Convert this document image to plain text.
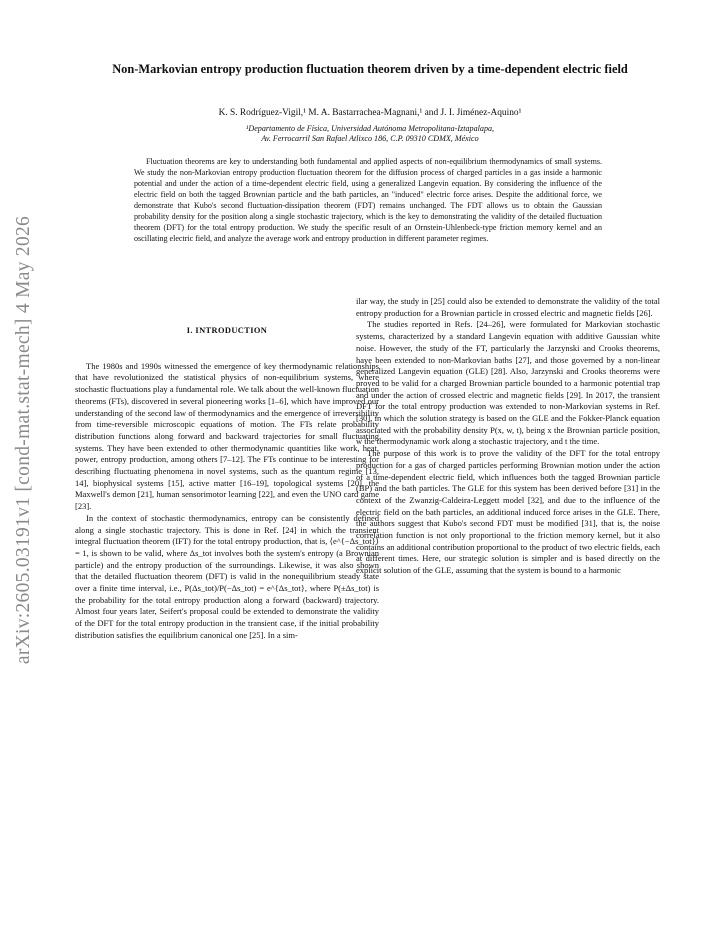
arXiv:2605.03191v1 [cond-mat.stat-mech] 4 May 2026
Non-Markovian entropy production fluctuation theorem driven by a time-dependent electric field
K. S. Rodríguez-Vigil,¹ M. A. Bastarrachea-Magnani,¹ and J. I. Jiménez-Aquino¹
¹Departamento de Física, Universidad Autónoma Metropolitana-Iztapalapa,
Av. Ferrocarril San Rafael Atlixco 186, C.P. 09310 CDMX, México

Fluctuation theorems are key to understanding both fundamental and applied aspects of non-equilibrium thermodynamics of small systems. We study the non-Markovian entropy production fluctuation theorem for the diffusion process of charged particles in a gas inside a harmonic potential and under the action of a time-dependent electric field, using a generalized Langevin equation. By considering the influence of the electric field on both the tagged Brownian particle and the bath particles, an "induced" electric force arises. Despite the additional force, we demonstrate that Kubo's second fluctuation-dissipation theorem (FDT) remains unchanged. The FDT allows us to obtain the Gaussian probability density for the position along a single stochastic trajectory, which is the key to demonstrating the validity of the detailed fluctuation theorem (DFT) for the total entropy production. We study the specific result of an Ornstein-Uhlenbeck-type friction memory kernel and an oscillating electric field, and analyze the average work and entropy production in different parameter regimes.

I. INTRODUCTION

The 1980s and 1990s witnessed the emergence of key thermodynamic relationships that have revolutionized the statistical physics of non-equilibrium systems, where stochastic fluctuations play a fundamental role. We talk about the well-known fluctuation theorems (FTs), discovered in several pioneering works [1–6], which have improved our understanding of the second law of thermodynamics and the emergence of irreversibility from time-reversible microscopic equations of motion. The FTs relate probability distribution functions along forward and backward trajectories for small fluctuating systems. They have been extended to other thermodynamic quantities like work, heat, power, entropy production, among others [7–12]. The FTs continue to be interesting for describing fluctuating phenomena in novel systems, such as the quantum regime [13, 14], biophysical systems [15], active matter [16–19], topological systems [20], the Maxwell's demon [21], human sensorimotor learning [22], and even the UNO card game [23].

In the context of stochastic thermodynamics, entropy can be consistently defined along a single stochastic trajectory. This is done in Ref. [24] in which the transient integral fluctuation theorem (IFT) for the total entropy production, that is, ⟨e^{−Δs_tot}⟩ = 1, is shown to be valid, where Δs_tot involves both the system's entropy (a Brownian particle) and the entropy production of the surroundings. Likewise, it was also shown that the detailed fluctuation theorem (DFT) is valid in the nonequilibrium steady state over a finite time interval, i.e., P(Δs_tot)/P(−Δs_tot) = e^{Δs_tot}, where P(±Δs_tot) is the probability for the total entropy production along a forward (backward) trajectory. Almost four years later, Seifert's proposal could be extended to demonstrate the validity of the DFT for the total entropy production in the transient case, if the initial probability distribution satisfies the equilibrium canonical one [25]. In a sim-

ilar way, the study in [25] could also be extended to demonstrate the validity of the total entropy production for a Brownian particle in crossed electric and magnetic fields [26].

The studies reported in Refs. [24–26], were formulated for Markovian stochastic systems, characterized by a standard Langevin equation with additive Gaussian white noise. However, the study of the FT, particularly the Jarzynski and Crooks theorems, have been extended to non-Markovian baths [27], and those governed by a non-linear generalized Langevin equation (GLE) [28]. Also, Jarzynski and Crooks theorems were proved to be valid for a charged Brownian particle bounded to a harmonic potential trap and under the action of crossed electric and magnetic fields [29]. In 2017, the transient DFT for the total entropy production was extended to non-Markovian systems in Ref. [30], in which the solution strategy is based on the GLE and the Fokker-Planck equation associated with the probability density P(x, w, t), being x the Brownian particle position, w the thermodynamic work along a stochastic trajectory, and t the time.

The purpose of this work is to prove the validity of the DFT for the total entropy production for a gas of charged particles performing Brownian motion under the action of a time-dependent electric field, which influences both the tagged Brownian particle (BP) and the bath particles. The GLE for this system has been derived before [31] in the context of the Zwanzig-Caldeira-Leggett model [32], and due to the influence of the electric field on the bath particles, an additional induced force arises in the GLE. There, the authors suggest that Kubo's second FDT must be modified [31], that is, the noise correlation function is not only proportional to the friction memory kernel, but it also contains an additional contribution proportional to the product of two electric fields, each at different times. Here, our strategic solution is simpler and is based directly on the explicit solution of the GLE, assuming that the system is bound to a harmonic
